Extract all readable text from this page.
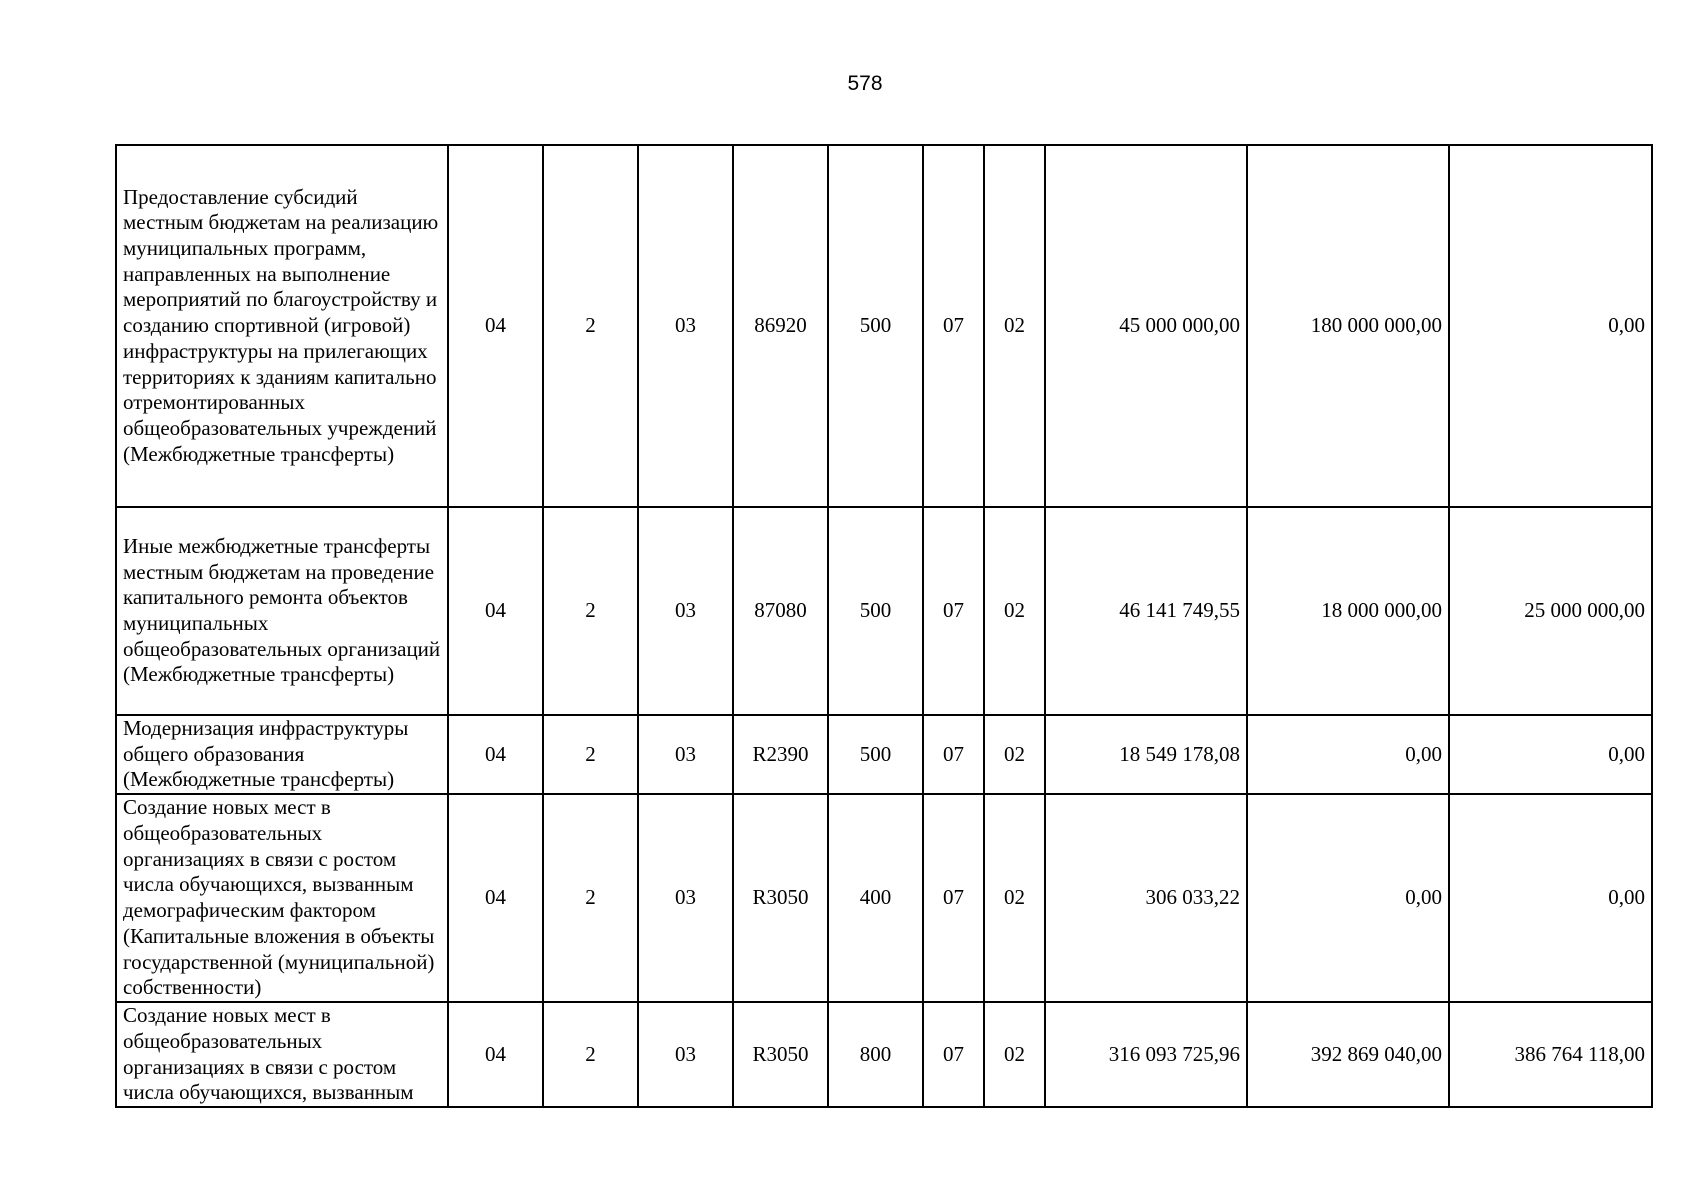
578
Предоставление субсидий местным бюджетам на реализацию муниципальных программ, направленных на выполнение мероприятий по благоустройству и созданию спортивной (игровой) инфраструктуры на прилегающих территориях к зданиям капитально отремонтированных общеобразовательных учреждений (Межбюджетные трансферты)	04	2	03	86920	500	07	02	45 000 000,00	180 000 000,00	0,00
Иные межбюджетные трансферты местным бюджетам на проведение капитального ремонта объектов муниципальных общеобразовательных организаций (Межбюджетные трансферты)	04	2	03	87080	500	07	02	46 141 749,55	18 000 000,00	25 000 000,00
Модернизация инфраструктуры общего образования (Межбюджетные трансферты)	04	2	03	R2390	500	07	02	18 549 178,08	0,00	0,00
Создание новых мест в общеобразовательных организациях в связи с ростом числа обучающихся, вызванным демографическим фактором (Капитальные вложения в объекты государственной (муниципальной) собственности)	04	2	03	R3050	400	07	02	306 033,22	0,00	0,00
Создание новых мест в общеобразовательных организациях в связи с ростом числа обучающихся, вызванным	04	2	03	R3050	800	07	02	316 093 725,96	392 869 040,00	386 764 118,00
